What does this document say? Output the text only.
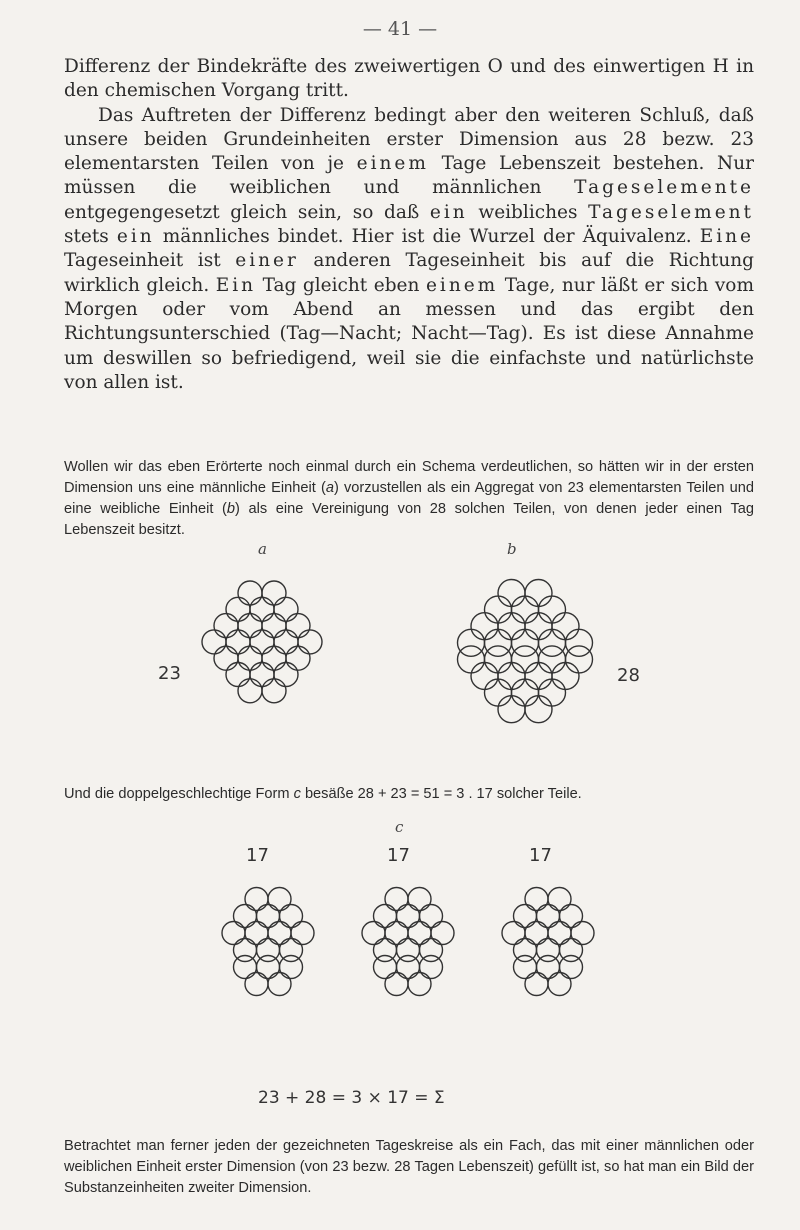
— 41 —

Differenz der Bindekräfte des zweiwertigen O und des einwertigen H in den chemischen Vorgang tritt.

Das Auftreten der Differenz bedingt aber den weiteren Schluß, daß unsere beiden Grundeinheiten erster Dimension aus 28 bezw. 23 elementarsten Teilen von je einem Tage Lebenszeit bestehen. Nur müssen die weiblichen und männlichen Tageselemente entgegengesetzt gleich sein, so daß ein weibliches Tageselement stets ein männliches bindet. Hier ist die Wurzel der Äquivalenz. Eine Tageseinheit ist einer anderen Tageseinheit bis auf die Richtung wirklich gleich. Ein Tag gleicht eben einem Tage, nur läßt er sich vom Morgen oder vom Abend an messen und das ergibt den Richtungsunterschied (Tag—Nacht; Nacht—Tag). Es ist diese Annahme um deswillen so befriedigend, weil sie die einfachste und natürlichste von allen ist.

Wollen wir das eben Erörterte noch einmal durch ein Schema verdeutlichen, so hätten wir in der ersten Dimension uns eine männliche Einheit (a) vorzustellen als ein Aggregat von 23 elementarsten Teilen und eine weibliche Einheit (b) als eine Vereinigung von 28 solchen Teilen, von denen jeder einen Tag Lebenszeit besitzt.

a	b
23	28

Und die doppelgeschlechtige Form c besäße 28 + 23 = 51 = 3 . 17 solcher Teile.

c
17	17	17
23 + 28 = 3 × 17 = Σ

Betrachtet man ferner jeden der gezeichneten Tageskreise als ein Fach, das mit einer männlichen oder weiblichen Einheit erster Dimension (von 23 bezw. 28 Tagen Lebenszeit) gefüllt ist, so hat man ein Bild der Substanzeinheiten zweiter Dimension.
